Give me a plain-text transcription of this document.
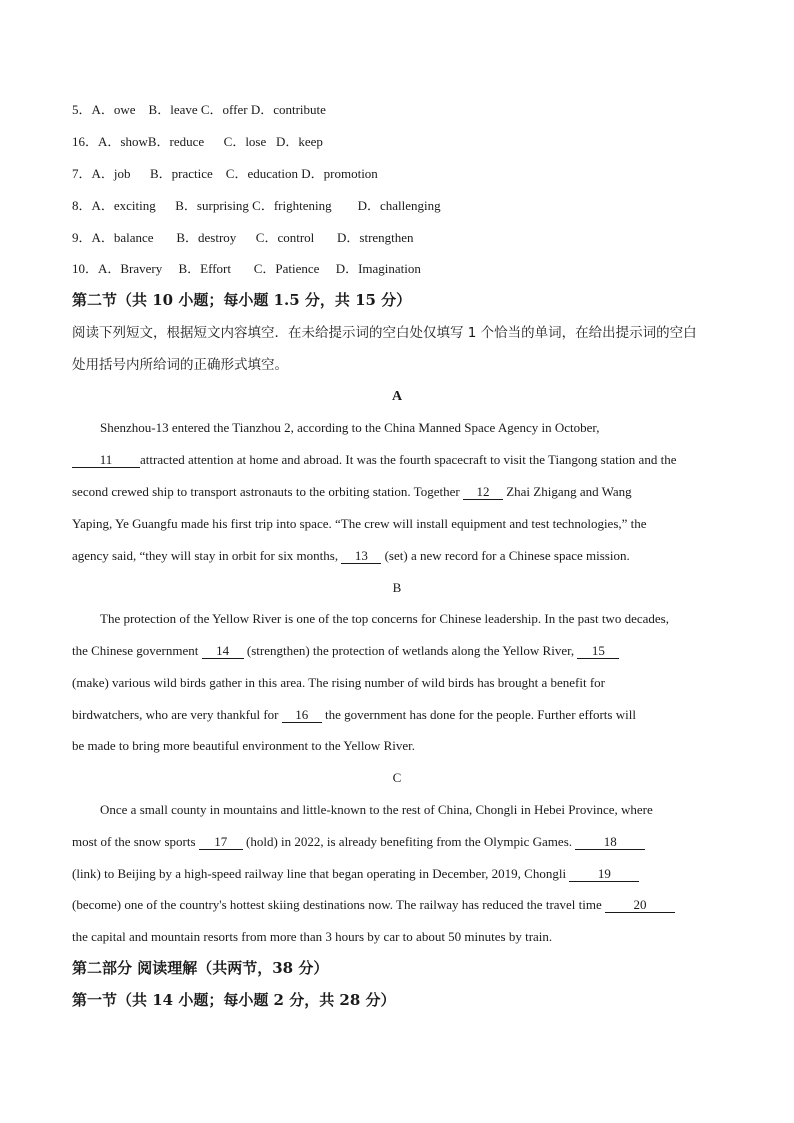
5．A．owe    B．leave C．offer D．contribute
16．A．showB．reduce      C．lose   D．keep
7．A．job      B．practice    C．education D．promotion
8．A．exciting      B．surprising C．frightening        D．challenging
9．A．balance       B．destroy      C．control       D．strengthen
10．A．Bravery     B．Effort       C．Patience     D．Imagination
第二节（共 10 小题；每小题 1.5 分，共 15 分）
阅读下列短文，根据短文内容填空．在未给提示词的空白处仅填写 1 个恰当的单词，在给出提示词的空白
处用括号内所给词的正确形式填空。
A
Shenzhou-13 entered the Tianzhou 2, according to the China Manned Space Agency in October,
11 attracted attention at home and abroad. It was the fourth spacecraft to visit the Tiangong station and the
second crewed ship to transport astronauts to the orbiting station. Together 12 Zhai Zhigang and Wang
Yaping, Ye Guangfu made his first trip into space. “The crew will install equipment and test technologies,” the
agency said, “they will stay in orbit for six months, 13 (set) a new record for a Chinese space mission.
B
The protection of the Yellow River is one of the top concerns for Chinese leadership. In the past two decades,
the Chinese government 14 (strengthen) the protection of wetlands along the Yellow River, 15
(make) various wild birds gather in this area. The rising number of wild birds has brought a benefit for
birdwatchers, who are very thankful for 16 the government has done for the people. Further efforts will
be made to bring more beautiful environment to the Yellow River.
C
Once a small county in mountains and little-known to the rest of China, Chongli in Hebei Province, where
most of the snow sports 17 (hold) in 2022, is already benefiting from the Olympic Games. 18
(link) to Beijing by a high-speed railway line that began operating in December, 2019, Chongli 19
(become) one of the country's hottest skiing destinations now. The railway has reduced the travel time 20
the capital and mountain resorts from more than 3 hours by car to about 50 minutes by train.
第二部分 阅读理解（共两节，38 分）
第一节（共 14 小题；每小题 2 分，共 28 分）
